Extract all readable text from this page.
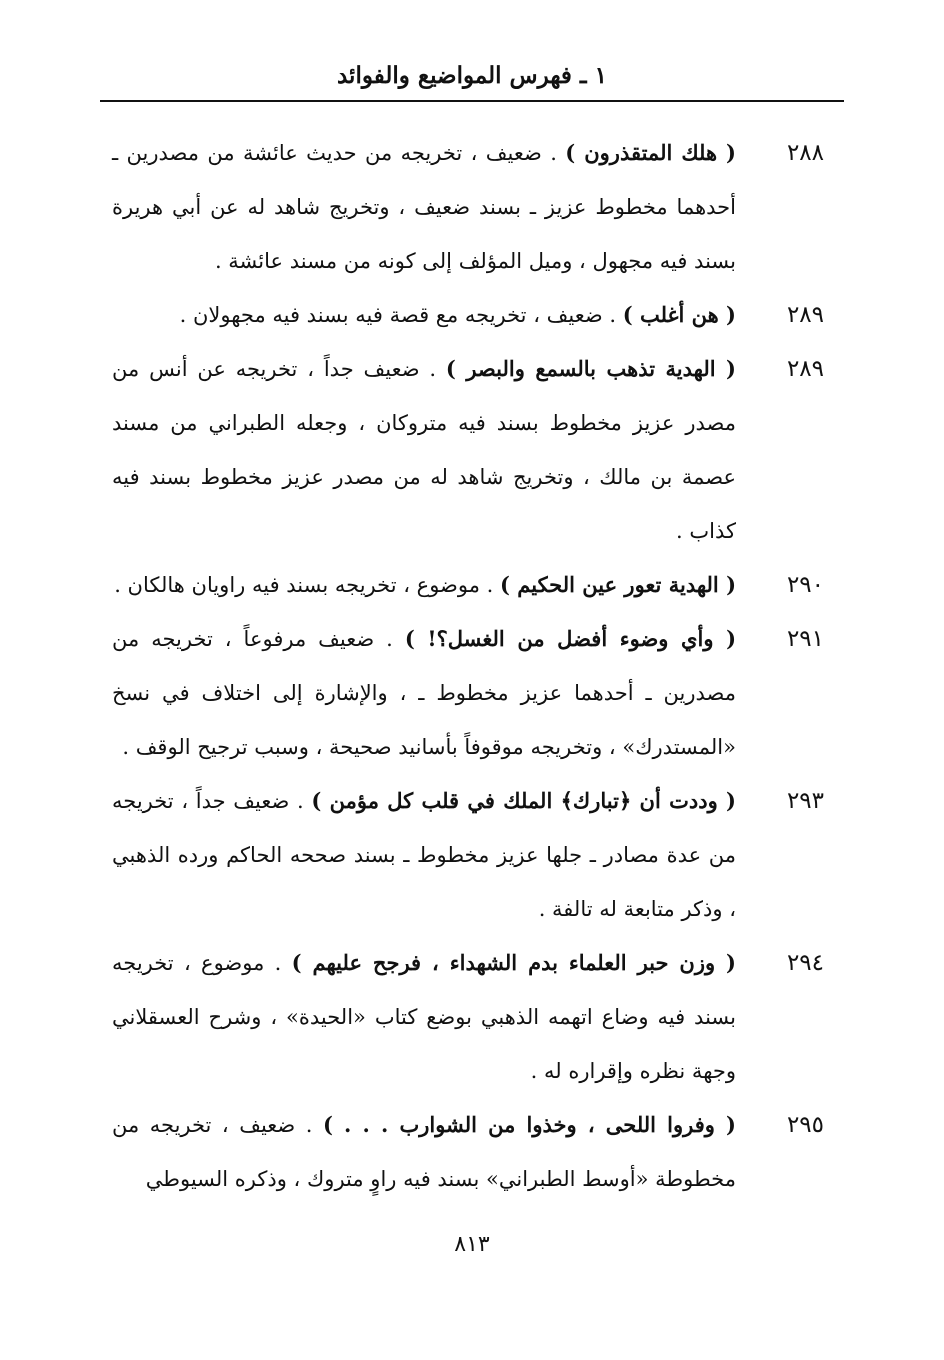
١ ـ فهرس المواضيع والفوائد
٢٨٨
( هلك المتقذرون ) . ضعيف ، تخريجه من حديث عائشة من مصدرين ـ أحدهما مخطوط عزيز ـ بسند ضعيف ، وتخريج شاهد له عن أبي هريرة بسند فيه مجهول ، وميل المؤلف إلى كونه من مسند عائشة .
٢٨٩
( هن أغلب ) . ضعيف ، تخريجه مع قصة فيه بسند فيه مجهولان .
٢٨٩
( الهدية تذهب بالسمع والبصر ) . ضعيف جداً ، تخريجه عن أنس من مصدر عزيز مخطوط بسند فيه متروكان ، وجعله الطبراني من مسند عصمة بن مالك ، وتخريج شاهد له من مصدر عزيز مخطوط بسند فيه كذاب .
٢٩٠
( الهدية تعور عين الحكيم ) . موضوع ، تخريجه بسند فيه راويان هالكان .
٢٩١
( وأي وضوء أفضل من الغسل؟! ) . ضعيف مرفوعاً ، تخريجه من مصدرين ـ أحدهما عزيز مخطوط ـ ، والإشارة إلى اختلاف في نسخ «المستدرك» ، وتخريجه موقوفاً بأسانيد صحيحة ، وسبب ترجيح الوقف .
٢٩٣
( وددت أن ﴿تبارك﴾ الملك في قلب كل مؤمن ) . ضعيف جداً ، تخريجه من عدة مصادر ـ جلها عزيز مخطوط ـ بسند صححه الحاكم ورده الذهبي ، وذكر متابعة له تالفة .
٢٩٤
( وزن حبر العلماء بدم الشهداء ، فرجح عليهم ) . موضوع ، تخريجه بسند فيه وضاع اتهمه الذهبي بوضع كتاب «الحيدة» ، وشرح العسقلاني وجهة نظره وإقراره له .
٢٩٥
( وفروا اللحى ، وخذوا من الشوارب . . . ) . ضعيف ، تخريجه من مخطوطة «أوسط الطبراني» بسند فيه راوٍ متروك ، وذكره السيوطي
٨١٣
